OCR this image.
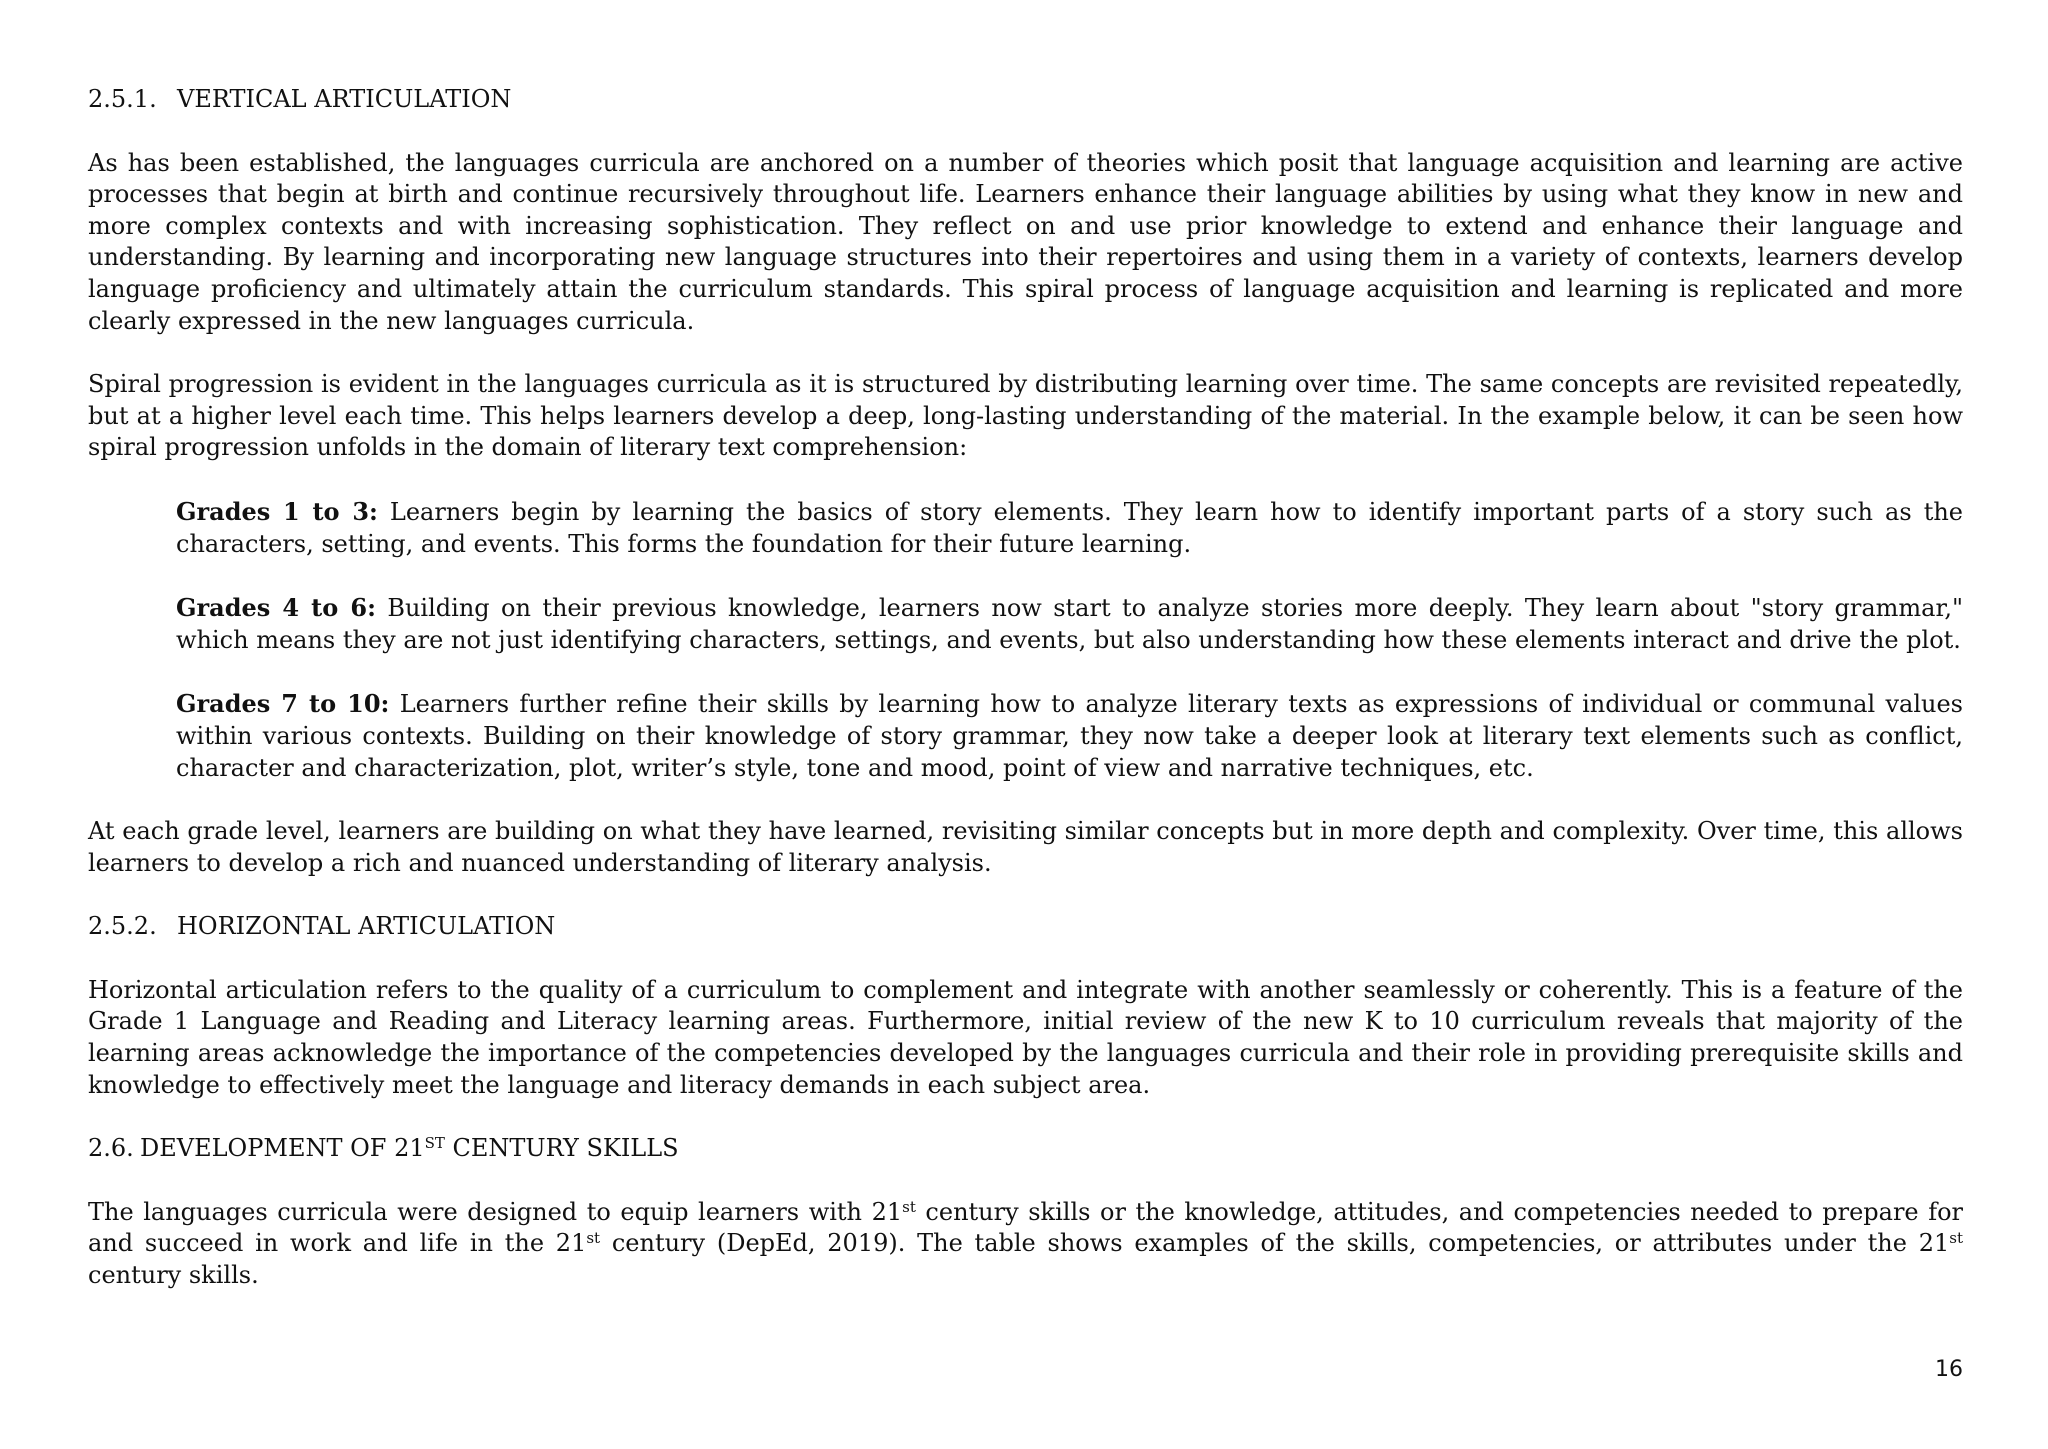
2.5.1. VERTICAL ARTICULATION

As has been established, the languages curricula are anchored on a number of theories which posit that language acquisition and learning are active processes that begin at birth and continue recursively throughout life. Learners enhance their language abilities by using what they know in new and more complex contexts and with increasing sophistication. They reflect on and use prior knowledge to extend and enhance their language and understanding. By learning and incorporating new language structures into their repertoires and using them in a variety of contexts, learners develop language proficiency and ultimately attain the curriculum standards. This spiral process of language acquisition and learning is replicated and more clearly expressed in the new languages curricula.

Spiral progression is evident in the languages curricula as it is structured by distributing learning over time. The same concepts are revisited repeatedly, but at a higher level each time. This helps learners develop a deep, long-lasting understanding of the material. In the example below, it can be seen how spiral progression unfolds in the domain of literary text comprehension:

Grades 1 to 3: Learners begin by learning the basics of story elements. They learn how to identify important parts of a story such as the characters, setting, and events. This forms the foundation for their future learning.

Grades 4 to 6: Building on their previous knowledge, learners now start to analyze stories more deeply. They learn about "story grammar," which means they are not just identifying characters, settings, and events, but also understanding how these elements interact and drive the plot.

Grades 7 to 10: Learners further refine their skills by learning how to analyze literary texts as expressions of individual or communal values within various contexts. Building on their knowledge of story grammar, they now take a deeper look at literary text elements such as conflict, character and characterization, plot, writer’s style, tone and mood, point of view and narrative techniques, etc.

At each grade level, learners are building on what they have learned, revisiting similar concepts but in more depth and complexity. Over time, this allows learners to develop a rich and nuanced understanding of literary analysis.

2.5.2. HORIZONTAL ARTICULATION

Horizontal articulation refers to the quality of a curriculum to complement and integrate with another seamlessly or coherently. This is a feature of the Grade 1 Language and Reading and Literacy learning areas. Furthermore, initial review of the new K to 10 curriculum reveals that majority of the learning areas acknowledge the importance of the competencies developed by the languages curricula and their role in providing prerequisite skills and knowledge to effectively meet the language and literacy demands in each subject area.

2.6. DEVELOPMENT OF 21ST CENTURY SKILLS

The languages curricula were designed to equip learners with 21st century skills or the knowledge, attitudes, and competencies needed to prepare for and succeed in work and life in the 21st century (DepEd, 2019). The table shows examples of the skills, competencies, or attributes under the 21st century skills.

16
